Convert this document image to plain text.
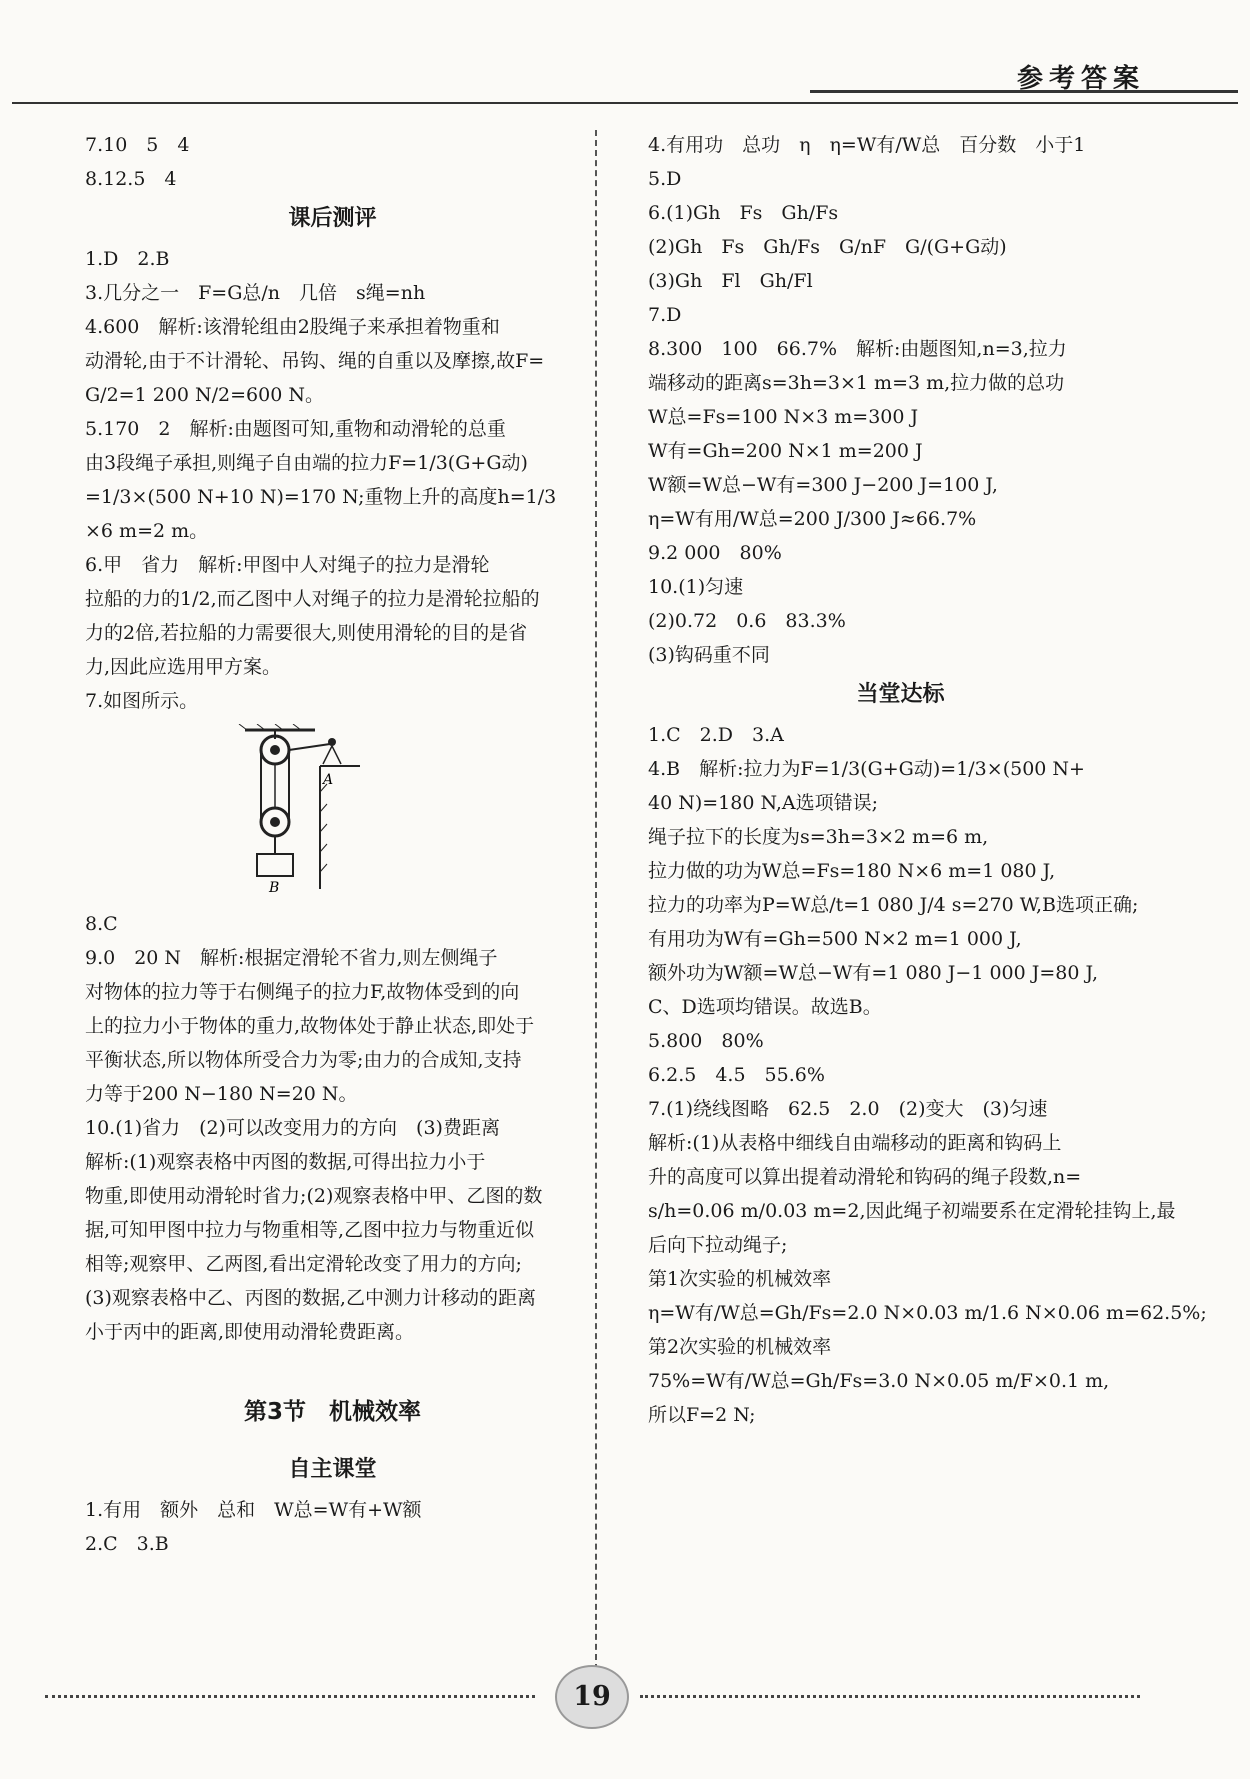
参考答案
7.10　5　4
8.12.5　4
课后测评
1.D　2.B
3.几分之一　F=G总/n　几倍　s绳=nh
4.600　解析:该滑轮组由2股绳子来承担着物重和
动滑轮,由于不计滑轮、吊钩、绳的自重以及摩擦,故F=
G/2=1 200 N/2=600 N。
5.170　2　解析:由题图可知,重物和动滑轮的总重
由3段绳子承担,则绳子自由端的拉力F=1/3(G+G动)
=1/3×(500 N+10 N)=170 N;重物上升的高度h=1/3
×6 m=2 m。
6.甲　省力　解析:甲图中人对绳子的拉力是滑轮
拉船的力的1/2,而乙图中人对绳子的拉力是滑轮拉船的
力的2倍,若拉船的力需要很大,则使用滑轮的目的是省
力,因此应选用甲方案。
7.如图所示。
A
B
8.C
9.0　20 N　解析:根据定滑轮不省力,则左侧绳子
对物体的拉力等于右侧绳子的拉力F,故物体受到的向
上的拉力小于物体的重力,故物体处于静止状态,即处于
平衡状态,所以物体所受合力为零;由力的合成知,支持
力等于200 N−180 N=20 N。
10.(1)省力　(2)可以改变用力的方向　(3)费距离
解析:(1)观察表格中丙图的数据,可得出拉力小于
物重,即使用动滑轮时省力;(2)观察表格中甲、乙图的数
据,可知甲图中拉力与物重相等,乙图中拉力与物重近似
相等;观察甲、乙两图,看出定滑轮改变了用力的方向;
(3)观察表格中乙、丙图的数据,乙中测力计移动的距离
小于丙中的距离,即使用动滑轮费距离。
第3节　机械效率
自主课堂
1.有用　额外　总和　W总=W有+W额
2.C　3.B
4.有用功　总功　η　η=W有/W总　百分数　小于1
5.D
6.(1)Gh　Fs　Gh/Fs
(2)Gh　Fs　Gh/Fs　G/nF　G/(G+G动)
(3)Gh　Fl　Gh/Fl
7.D
8.300　100　66.7%　解析:由题图知,n=3,拉力
端移动的距离s=3h=3×1 m=3 m,拉力做的总功
W总=Fs=100 N×3 m=300 J
W有=Gh=200 N×1 m=200 J
W额=W总−W有=300 J−200 J=100 J,
η=W有用/W总=200 J/300 J≈66.7%
9.2 000　80%
10.(1)匀速
(2)0.72　0.6　83.3%
(3)钩码重不同
当堂达标
1.C　2.D　3.A
4.B　解析:拉力为F=1/3(G+G动)=1/3×(500 N+
40 N)=180 N,A选项错误;
绳子拉下的长度为s=3h=3×2 m=6 m,
拉力做的功为W总=Fs=180 N×6 m=1 080 J,
拉力的功率为P=W总/t=1 080 J/4 s=270 W,B选项正确;
有用功为W有=Gh=500 N×2 m=1 000 J,
额外功为W额=W总−W有=1 080 J−1 000 J=80 J,
C、D选项均错误。故选B。
5.800　80%
6.2.5　4.5　55.6%
7.(1)绕线图略　62.5　2.0　(2)变大　(3)匀速
解析:(1)从表格中细线自由端移动的距离和钩码上
升的高度可以算出提着动滑轮和钩码的绳子段数,n=
s/h=0.06 m/0.03 m=2,因此绳子初端要系在定滑轮挂钩上,最
后向下拉动绳子;
第1次实验的机械效率
η=W有/W总=Gh/Fs=2.0 N×0.03 m/1.6 N×0.06 m=62.5%;
第2次实验的机械效率
75%=W有/W总=Gh/Fs=3.0 N×0.05 m/F×0.1 m,
所以F=2 N;
19
